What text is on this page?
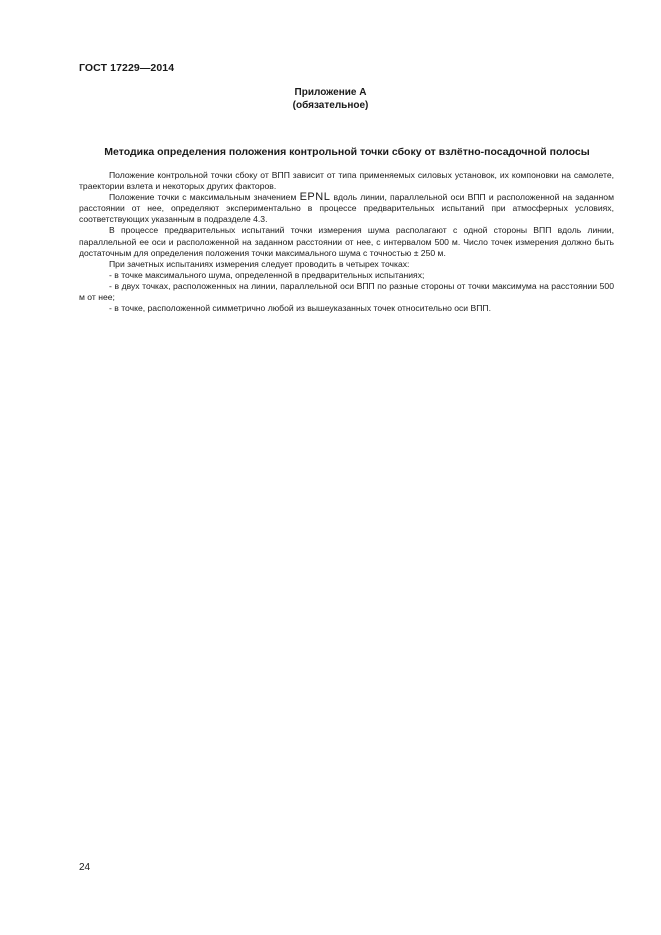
ГОСТ 17229—2014
Приложение А
(обязательное)
Методика определения положения контрольной точки сбоку от взлётно-посадочной полосы

Положение контрольной точки сбоку от ВПП зависит от типа применяемых силовых установок, их компоновки на самолете, траектории взлета и некоторых других факторов.

Положение точки с максимальным значением EPNL вдоль линии, параллельной оси ВПП и расположенной на заданном расстоянии от нее, определяют экспериментально в процессе предварительных испытаний при атмосферных условиях, соответствующих указанным в подразделе 4.3.

В процессе предварительных испытаний точки измерения шума располагают с одной стороны ВПП вдоль линии, параллельной ее оси и расположенной на заданном расстоянии от нее, с интервалом 500 м. Число точек измерения должно быть достаточным для определения положения точки максимального шума с точностью ± 250 м.

При зачетных испытаниях измерения следует проводить в четырех точках:

- в точке максимального шума, определенной в предварительных испытаниях;

- в двух точках, расположенных на линии, параллельной оси ВПП по разные стороны от точки максимума на расстоянии 500 м от нее;

- в точке, расположенной симметрично любой из вышеуказанных точек относительно оси ВПП.

24
